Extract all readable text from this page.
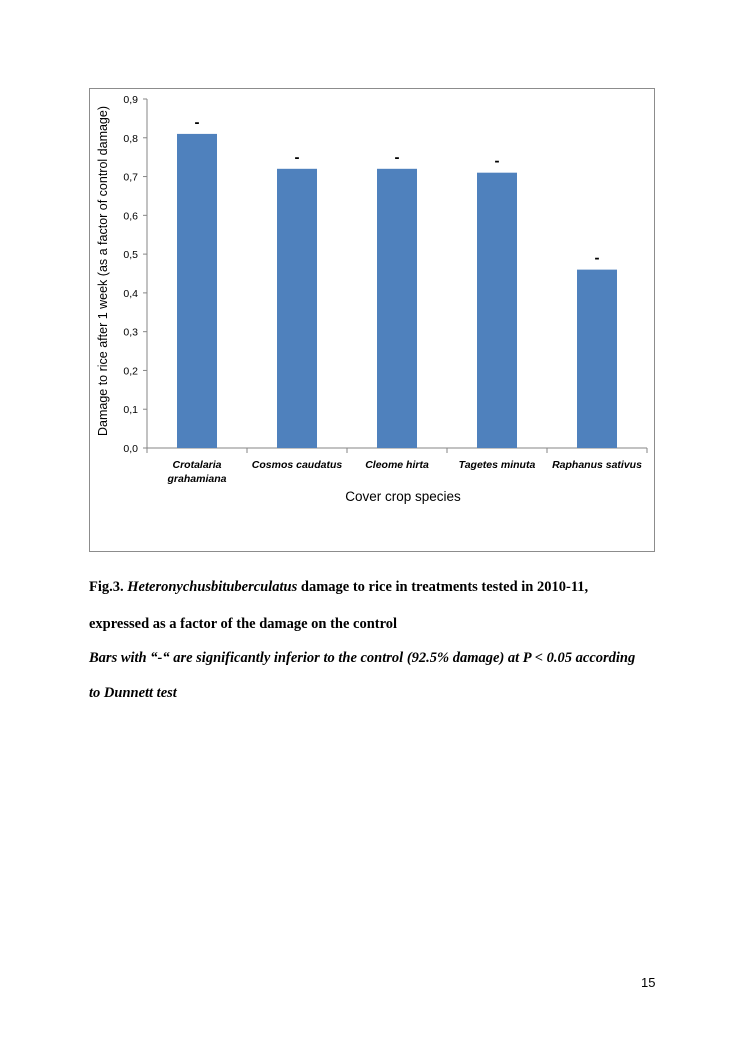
0,0
0,1
0,2
0,3
0,4
0,5
0,6
0,7
0,8
0,9
-
-	-	-
-
Crotalaria grahamiana
Cosmos caudatus Cleome hirta	Tagetes minuta Raphanus sativus
Cover crop species
Damage to rice after 1 week (as a factor of control damage)
Fig.3. Heteronychusbituberculatus damage to rice in treatments tested in 2010-11,
expressed as a factor of the damage on the control
Bars with “-“ are significantly inferior to the control (92.5% damage) at P < 0.05 according
to Dunnett test
15
